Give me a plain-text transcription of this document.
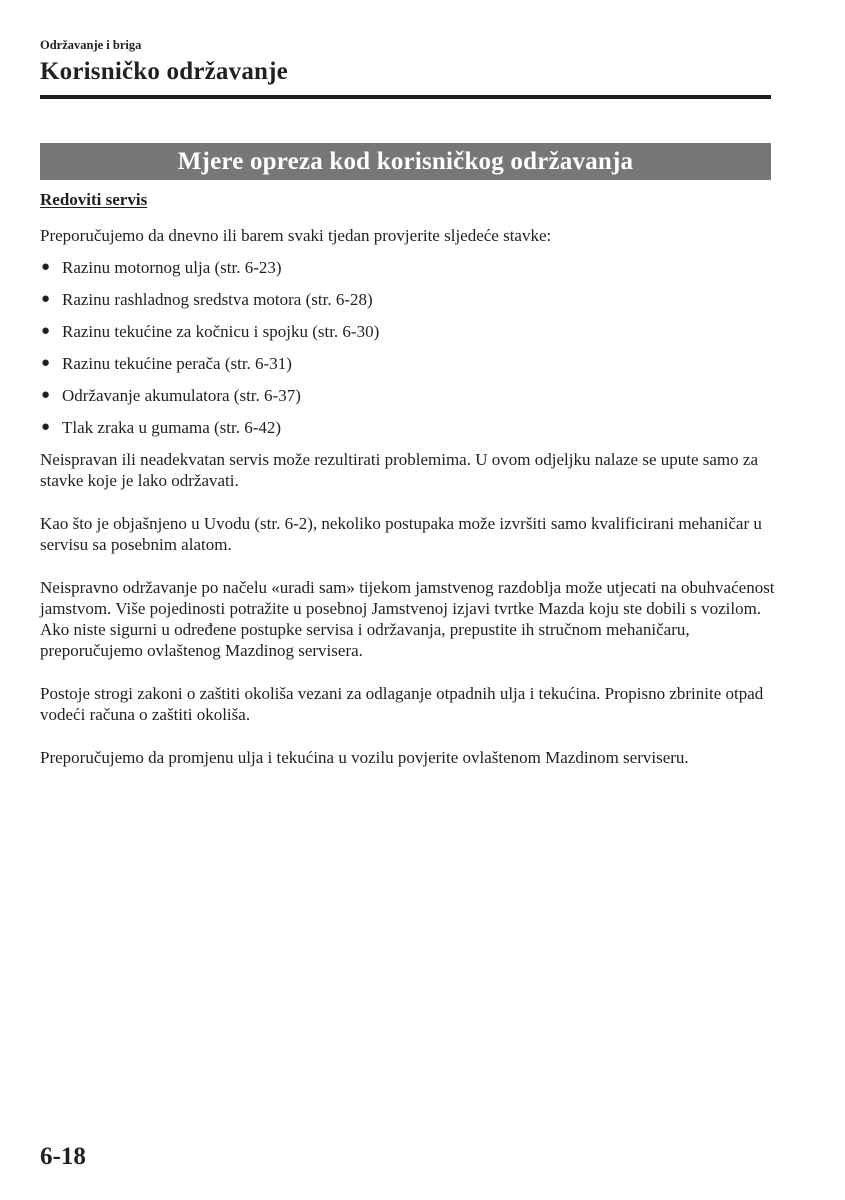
Održavanje i briga
Korisničko održavanje
Mjere opreza kod korisničkog održavanja
Redoviti servis

Preporučujemo da dnevno ili barem svaki tjedan provjerite sljedeće stavke:

● Razinu motornog ulja (str. 6-23)
● Razinu rashladnog sredstva motora (str. 6-28)
● Razinu tekućine za kočnicu i spojku (str. 6-30)
● Razinu tekućine perača (str. 6-31)
● Održavanje akumulatora (str. 6-37)
● Tlak zraka u gumama (str. 6-42)

Neispravan ili neadekvatan servis može rezultirati problemima. U ovom odjeljku nalaze se upute samo za stavke koje je lako održavati.

Kao što je objašnjeno u Uvodu (str. 6-2), nekoliko postupaka može izvršiti samo kvalificirani mehaničar u servisu sa posebnim alatom.

Neispravno održavanje po načelu «uradi sam» tijekom jamstvenog razdoblja može utjecati na obuhvaćenost jamstvom. Više pojedinosti potražite u posebnoj Jamstvenoj izjavi tvrtke Mazda koju ste dobili s vozilom. Ako niste sigurni u određene postupke servisa i održavanja, prepustite ih stručnom mehaničaru, preporučujemo ovlaštenog Mazdinog servisera.

Postoje strogi zakoni o zaštiti okoliša vezani za odlaganje otpadnih ulja i tekućina. Propisno zbrinite otpad vodeći računa o zaštiti okoliša.

Preporučujemo da promjenu ulja i tekućina u vozilu povjerite ovlaštenom Mazdinom serviseru.

6-18
